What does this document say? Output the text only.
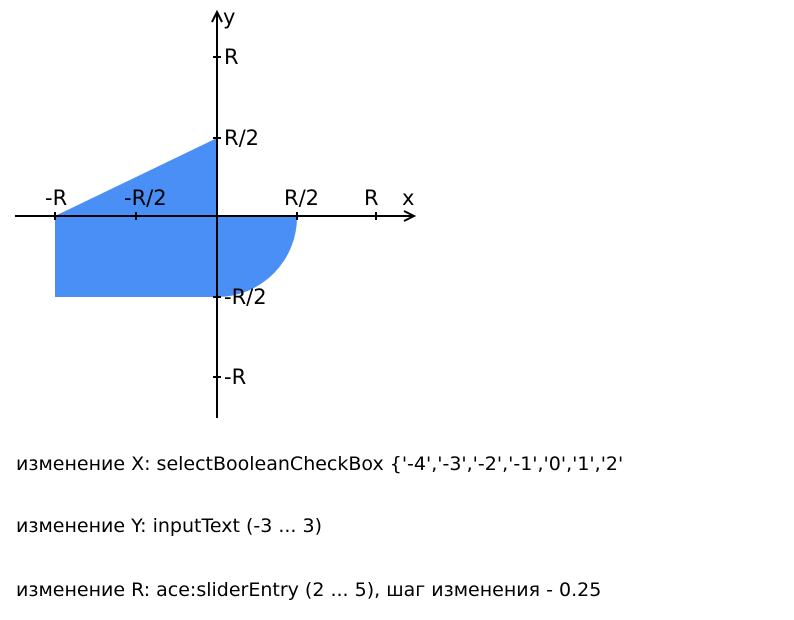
x
y
-R	-R/2	R/2 R
R
R/2
-R/2
-R
изменение X: selectBooleanCheckBox {'-4','-3','-2','-1','0','1','2'
изменение Y: inputText (-3 ... 3)
изменение R: ace:sliderEntry (2 ... 5), шаг изменения - 0.25
